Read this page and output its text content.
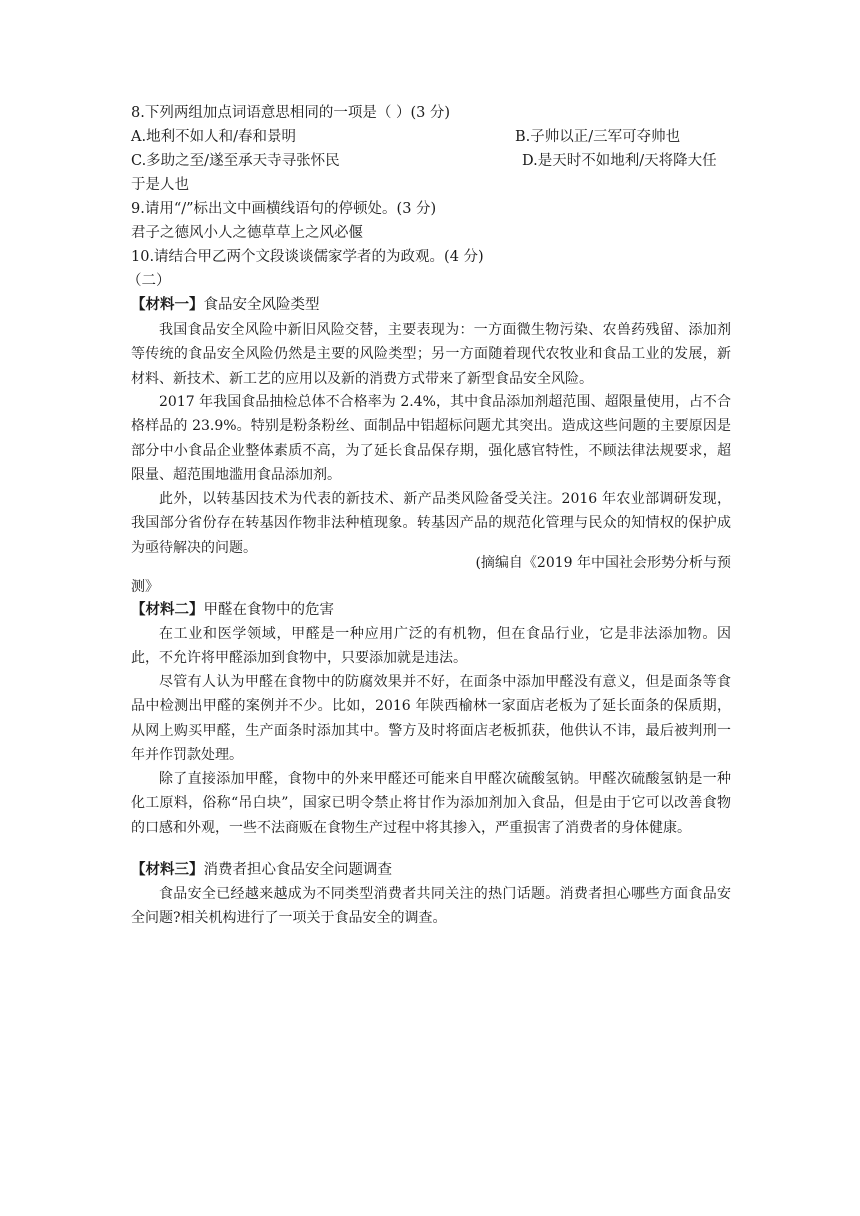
8.下列两组加点词语意思相同的一项是（ ）(3 分)
A.地利不如人和/春和景明	B.子帅以正/三军可夺帅也
C.多助之至/遂至承天寺寻张怀民	D.是天时不如地利/天将降大任
于是人也
9.请用“/”标出文中画横线语句的停顿处。(3 分)
君子之德风小人之德草草上之风必偃
10.请结合甲乙两个文段谈谈儒家学者的为政观。(4 分)
（二）
【材料一】食品安全风险类型
我国食品安全风险中新旧风险交替，主要表现为：一方面微生物污染、农兽药残留、添加剂等传统的食品安全风险仍然是主要的风险类型；另一方面随着现代农牧业和食品工业的发展，新材料、新技术、新工艺的应用以及新的消费方式带来了新型食品安全风险。
2017 年我国食品抽检总体不合格率为 2.4%，其中食品添加剂超范围、超限量使用，占不合格样品的 23.9%。特别是粉条粉丝、面制品中铝超标问题尤其突出。造成这些问题的主要原因是部分中小食品企业整体素质不高，为了延长食品保存期，强化感官特性，不顾法律法规要求，超限量、超范围地滥用食品添加剂。
此外，以转基因技术为代表的新技术、新产品类风险备受关注。2016 年农业部调研发现，我国部分省份存在转基因作物非法种植现象。转基因产品的规范化管理与民众的知情权的保护成为亟待解决的问题。
(摘编自《2019 年中国社会形势分析与预
测》
【材料二】甲醛在食物中的危害
在工业和医学领域，甲醛是一种应用广泛的有机物，但在食品行业，它是非法添加物。因此，不允许将甲醛添加到食物中，只要添加就是违法。
尽管有人认为甲醛在食物中的防腐效果并不好，在面条中添加甲醛没有意义，但是面条等食品中检测出甲醛的案例并不少。比如，2016 年陕西榆林一家面店老板为了延长面条的保质期，从网上购买甲醛，生产面条时添加其中。警方及时将面店老板抓获，他供认不讳，最后被判刑一年并作罚款处理。
除了直接添加甲醛，食物中的外来甲醛还可能来自甲醛次硫酸氢钠。甲醛次硫酸氢钠是一种化工原料，俗称“吊白块”，国家已明令禁止将甘作为添加剂加入食品，但是由于它可以改善食物的口感和外观，一些不法商贩在食物生产过程中将其掺入，严重损害了消费者的身体健康。
【材料三】消费者担心食品安全问题调查
食品安全已经越来越成为不同类型消费者共同关注的热门话题。消费者担心哪些方面食品安全问题?相关机构进行了一项关于食品安全的调查。
